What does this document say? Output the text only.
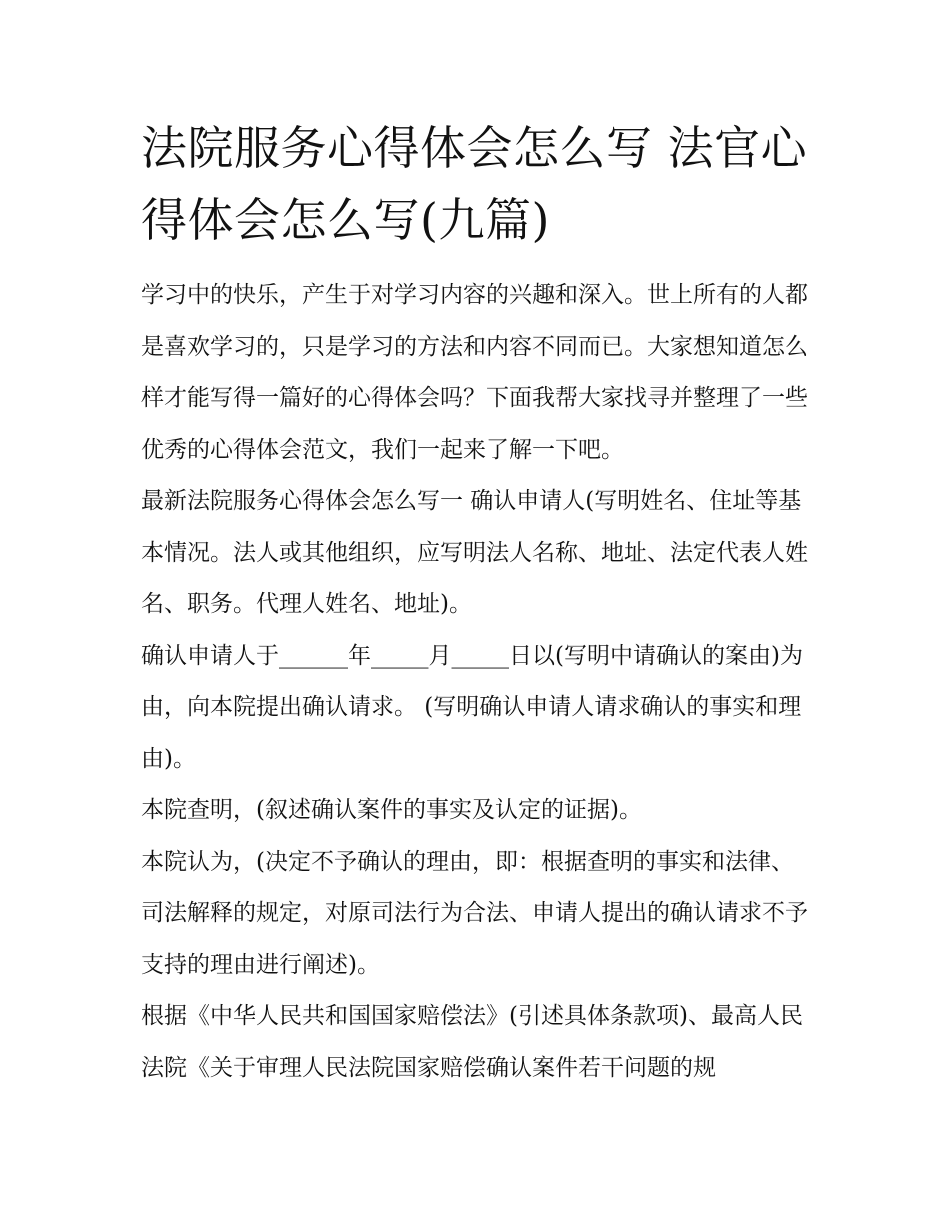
法院服务心得体会怎么写 法官心得体会怎么写(九篇)

学习中的快乐，产生于对学习内容的兴趣和深入。世上所有的人都是喜欢学习的，只是学习的方法和内容不同而已。大家想知道怎么样才能写得一篇好的心得体会吗？下面我帮大家找寻并整理了一些优秀的心得体会范文，我们一起来了解一下吧。

最新法院服务心得体会怎么写一 确认申请人(写明姓名、住址等基本情况。法人或其他组织，应写明法人名称、地址、法定代表人姓名、职务。代理人姓名、地址)。

确认申请人于______年_____月_____日以(写明中请确认的案由)为由，向本院提出确认请求。 (写明确认申请人请求确认的事实和理由)。

本院查明，(叙述确认案件的事实及认定的证据)。

本院认为，(决定不予确认的理由，即：根据查明的事实和法律、司法解释的规定，对原司法行为合法、申请人提出的确认请求不予支持的理由进行阐述)。

根据《中华人民共和国国家赔偿法》(引述具体条款项)、最高人民法院《关于审理人民法院国家赔偿确认案件若干问题的规
